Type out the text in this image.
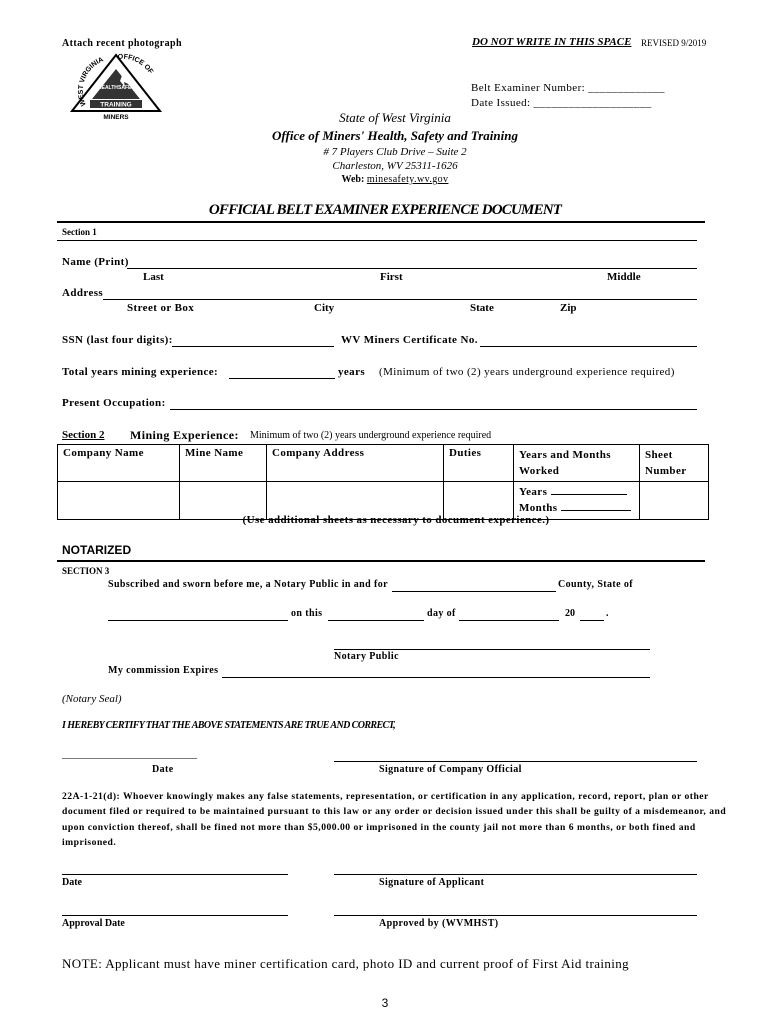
Attach recent photograph	DO NOT WRITE IN THIS SPACE REVISED 9/2019
Belt Examiner Number: _____________
Date Issued: ____________________
WEST VIRGINIA OFFICE OF
HEALTH SAFETY
TRAINING
MINERS	State of West Virginia
Office of Miners' Health, Safety and Training
# 7 Players Club Drive – Suite 2
Charleston, WV 25311-1626
Web: minesafety.wv.gov
OFFICIAL BELT EXAMINER EXPERIENCE DOCUMENT
Section 1
Name (Print)
Last	First	Middle
Address
Street or Box	City	State	Zip
SSN (last four digits):	WV Miners Certificate No.
Total years mining experience:	years (Minimum of two (2) years underground experience required)
Present Occupation:
Section 2 Mining Experience: Minimum of two (2) years underground experience required
Company Name	Mine Name	Company Address	Duties	Years and Months Worked	Sheet Number

				Years
Months	

(Use additional sheets as necessary to document experience.)
NOTARIZED
SECTION 3
Subscribed and sworn before me, a Notary Public in and for	County, State of
on this	day of	20	.
Notary Public
My commission Expires
(Notary Seal)
I HEREBY CERTIFY THAT THE ABOVE STATEMENTS ARE TRUE AND CORRECT,
___________________________
Date	Signature of Company Official
22A-1-21(d): Whoever knowingly makes any false statements, representation, or certification in any application, record, report, plan or other document filed or required to be maintained pursuant to this law or any order or decision issued under this shall be guilty of a misdemeanor, and upon conviction thereof, shall be fined not more than $5,000.00 or imprisoned in the county jail not more than 6 months, or both fined and imprisoned.
Date	Signature of Applicant
Approval Date	Approved by (WVMHST)
NOTE: Applicant must have miner certification card, photo ID and current proof of First Aid training
3
